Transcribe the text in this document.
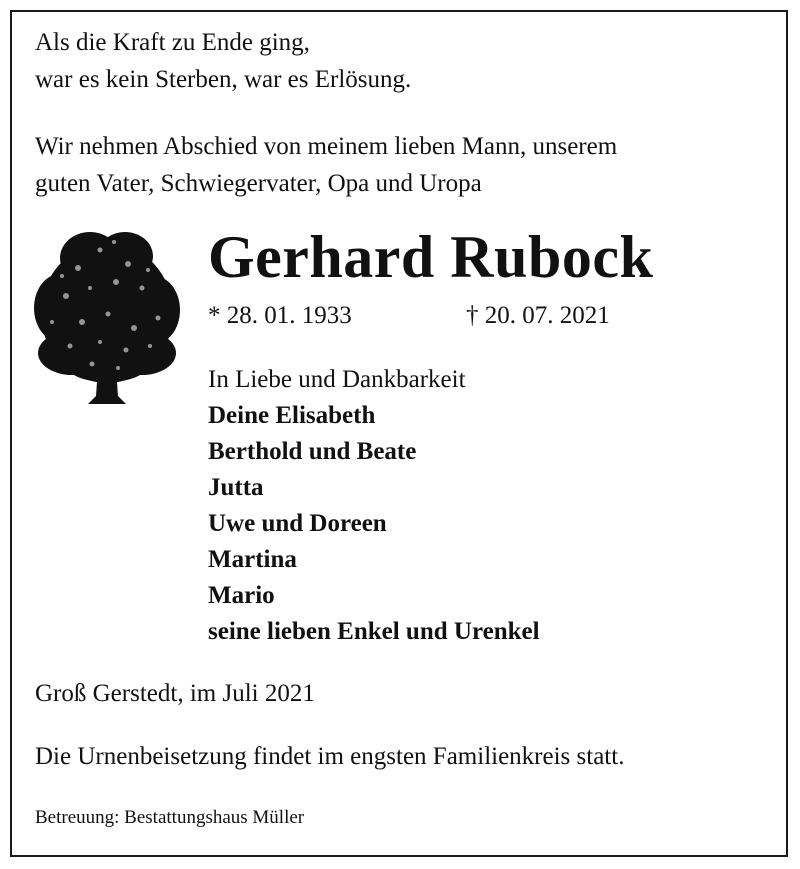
Als die Kraft zu Ende ging,
war es kein Sterben, war es Erlösung.
Wir nehmen Abschied von meinem lieben Mann, unserem
guten Vater, Schwiegervater, Opa und Uropa
Gerhard Rubock
* 28. 01. 1933	† 20. 07. 2021
In Liebe und Dankbarkeit
Deine Elisabeth
Berthold und Beate
Jutta
Uwe und Doreen
Martina
Mario
seine lieben Enkel und Urenkel
Groß Gerstedt, im Juli 2021
Die Urnenbeisetzung findet im engsten Familienkreis statt.
Betreuung: Bestattungshaus Müller
